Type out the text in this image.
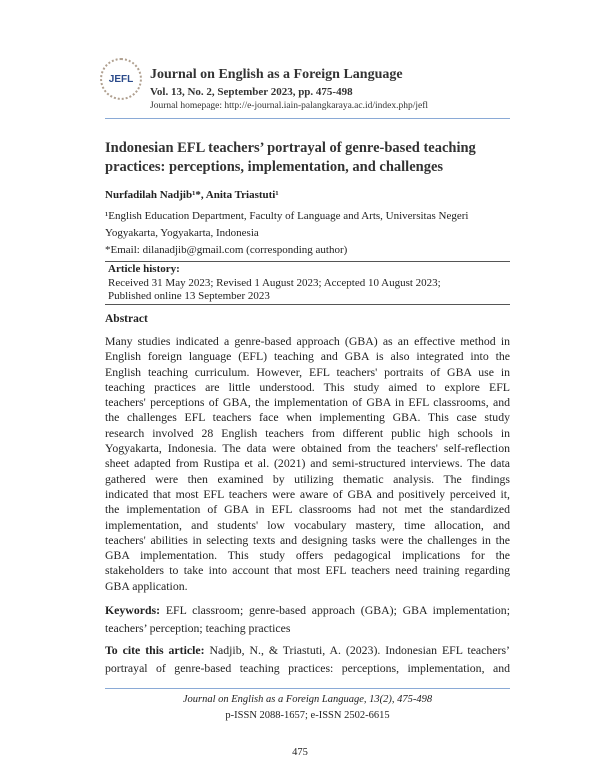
JEFL Journal on English as a Foreign Language
Vol. 13, No. 2, September 2023, pp. 475-498
Journal homepage: http://e-journal.iain-palangkaraya.ac.id/index.php/jefl
Indonesian EFL teachers’ portrayal of genre-based teaching
practices: perceptions, implementation, and challenges
Nurfadilah Nadjib¹*, Anita Triastuti¹
¹English Education Department, Faculty of Language and Arts, Universitas Negeri
Yogyakarta, Yogyakarta, Indonesia
*Email: dilanadjib@gmail.com (corresponding author)
Article history:
Received 31 May 2023; Revised 1 August 2023; Accepted 10 August 2023;
Published online 13 September 2023
Abstract
Many studies indicated a genre-based approach (GBA) as an effective method in
English foreign language (EFL) teaching and GBA is also integrated into the
English teaching curriculum. However, EFL teachers' portraits of GBA use in
teaching practices are little understood. This study aimed to explore EFL
teachers' perceptions of GBA, the implementation of GBA in EFL classrooms, and
the challenges EFL teachers face when implementing GBA. This case study
research involved 28 English teachers from different public high schools in
Yogyakarta, Indonesia. The data were obtained from the teachers' self-reflection
sheet adapted from Rustipa et al. (2021) and semi-structured interviews. The data
gathered were then examined by utilizing thematic analysis. The findings
indicated that most EFL teachers were aware of GBA and positively perceived it,
the implementation of GBA in EFL classrooms had not met the standardized
implementation, and students' low vocabulary mastery, time allocation, and
teachers' abilities in selecting texts and designing tasks were the challenges in the
GBA implementation. This study offers pedagogical implications for the
stakeholders to take into account that most EFL teachers need training regarding
GBA application.
Keywords: EFL classroom; genre-based approach (GBA); GBA implementation;
teachers’ perception; teaching practices
To cite this article: Nadjib, N., & Triastuti, A. (2023). Indonesian EFL teachers’
portrayal of genre-based teaching practices: perceptions, implementation, and
Journal on English as a Foreign Language, 13(2), 475-498
p-ISSN 2088-1657; e-ISSN 2502-6615
475
